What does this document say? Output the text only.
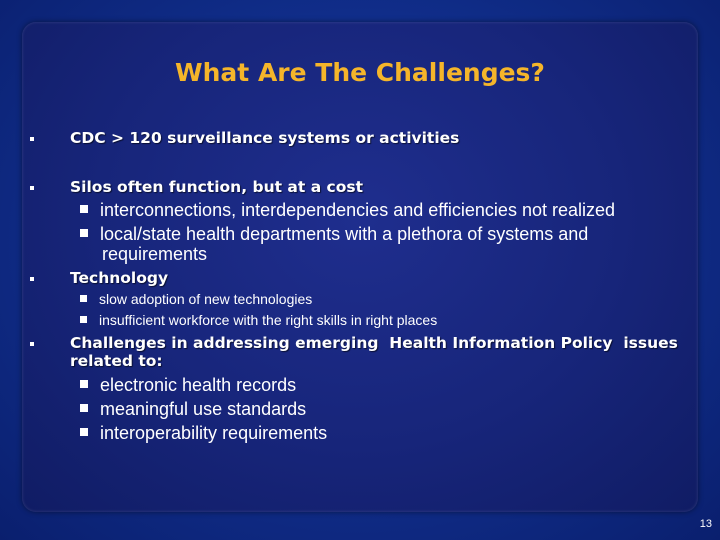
What Are The Challenges?
CDC > 120 surveillance systems or activities
Silos often function, but at a cost
interconnections, interdependencies and efficiencies not realized
local/state health departments with a plethora of systems and
requirements
Technology
slow adoption of new technologies
insufficient workforce with the right skills in right places
Challenges in addressing emerging  Health Information Policy  issues
related to:
electronic health records
meaningful use standards
interoperability requirements
13
